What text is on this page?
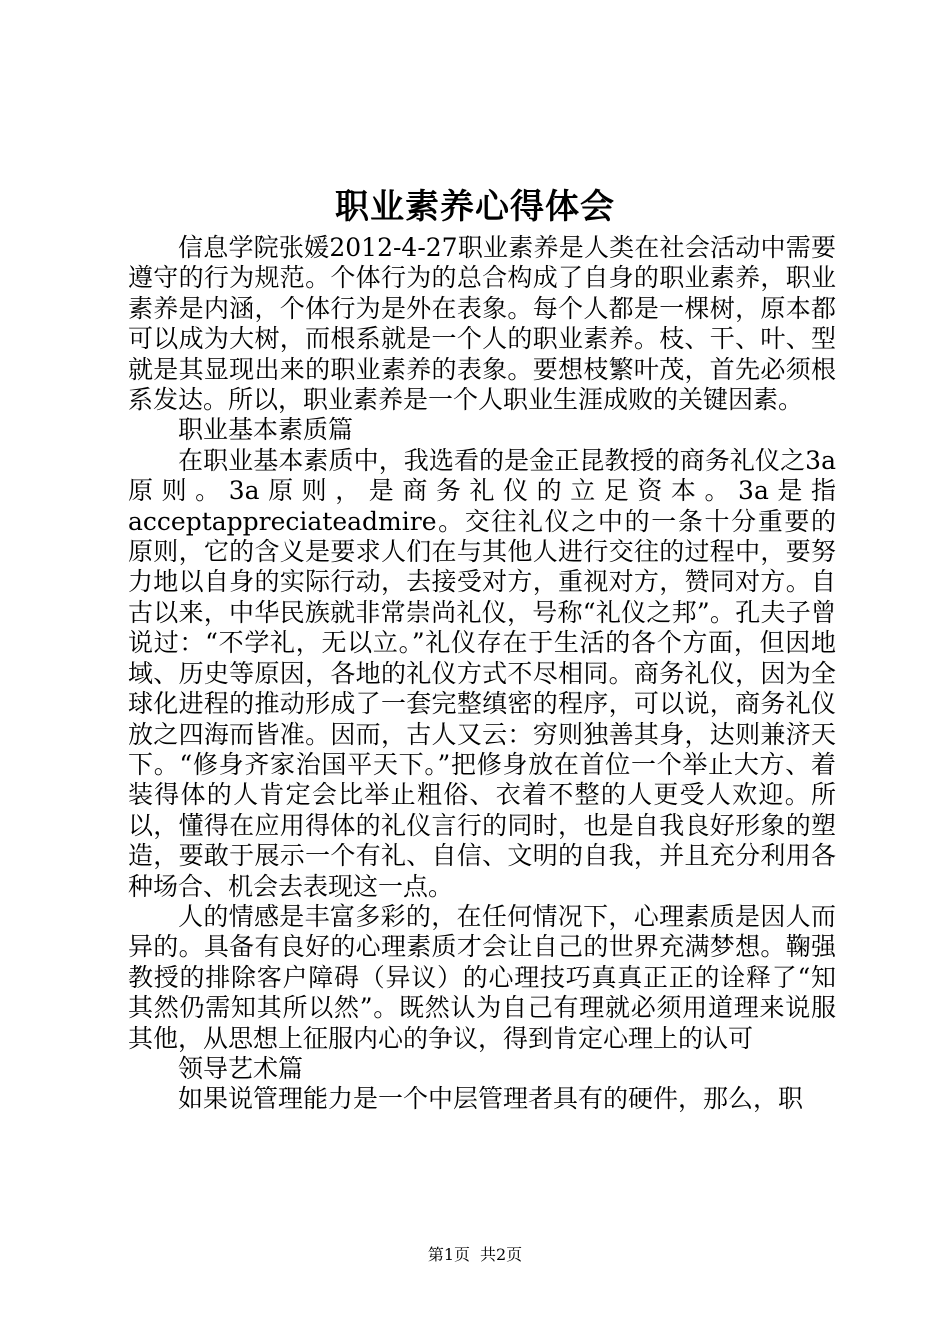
职业素养心得体会

信息学院张媛2012-4-27职业素养是人类在社会活动中需要遵守的行为规范。个体行为的总合构成了自身的职业素养，职业素养是内涵，个体行为是外在表象。每个人都是一棵树，原本都可以成为大树，而根系就是一个人的职业素养。枝、干、叶、型就是其显现出来的职业素养的表象。要想枝繁叶茂，首先必须根系发达。所以，职业素养是一个人职业生涯成败的关键因素。

职业基本素质篇

在职业基本素质中，我选看的是金正昆教授的商务礼仪之3a原则。3a原则，是商务礼仪的立足资本。3a是指acceptappreciateadmire。交往礼仪之中的一条十分重要的原则，它的含义是要求人们在与其他人进行交往的过程中，要努力地以自身的实际行动，去接受对方，重视对方，赞同对方。自古以来，中华民族就非常崇尚礼仪，号称“礼仪之邦”。孔夫子曾说过：“不学礼，无以立。”礼仪存在于生活的各个方面，但因地域、历史等原因，各地的礼仪方式不尽相同。商务礼仪，因为全球化进程的推动形成了一套完整缜密的程序，可以说，商务礼仪放之四海而皆准。因而，古人又云：穷则独善其身，达则兼济天下。“修身齐家治国平天下。”把修身放在首位一个举止大方、着装得体的人肯定会比举止粗俗、衣着不整的人更受人欢迎。所以，懂得在应用得体的礼仪言行的同时，也是自我良好形象的塑造，要敢于展示一个有礼、自信、文明的自我，并且充分利用各种场合、机会去表现这一点。

人的情感是丰富多彩的，在任何情况下，心理素质是因人而异的。具备有良好的心理素质才会让自己的世界充满梦想。鞠强教授的排除客户障碍（异议）的心理技巧真真正正的诠释了“知其然仍需知其所以然”。既然认为自己有理就必须用道理来说服其他，从思想上征服内心的争议，得到肯定心理上的认可

领导艺术篇

如果说管理能力是一个中层管理者具有的硬件，那么，职

第1页 共2页
